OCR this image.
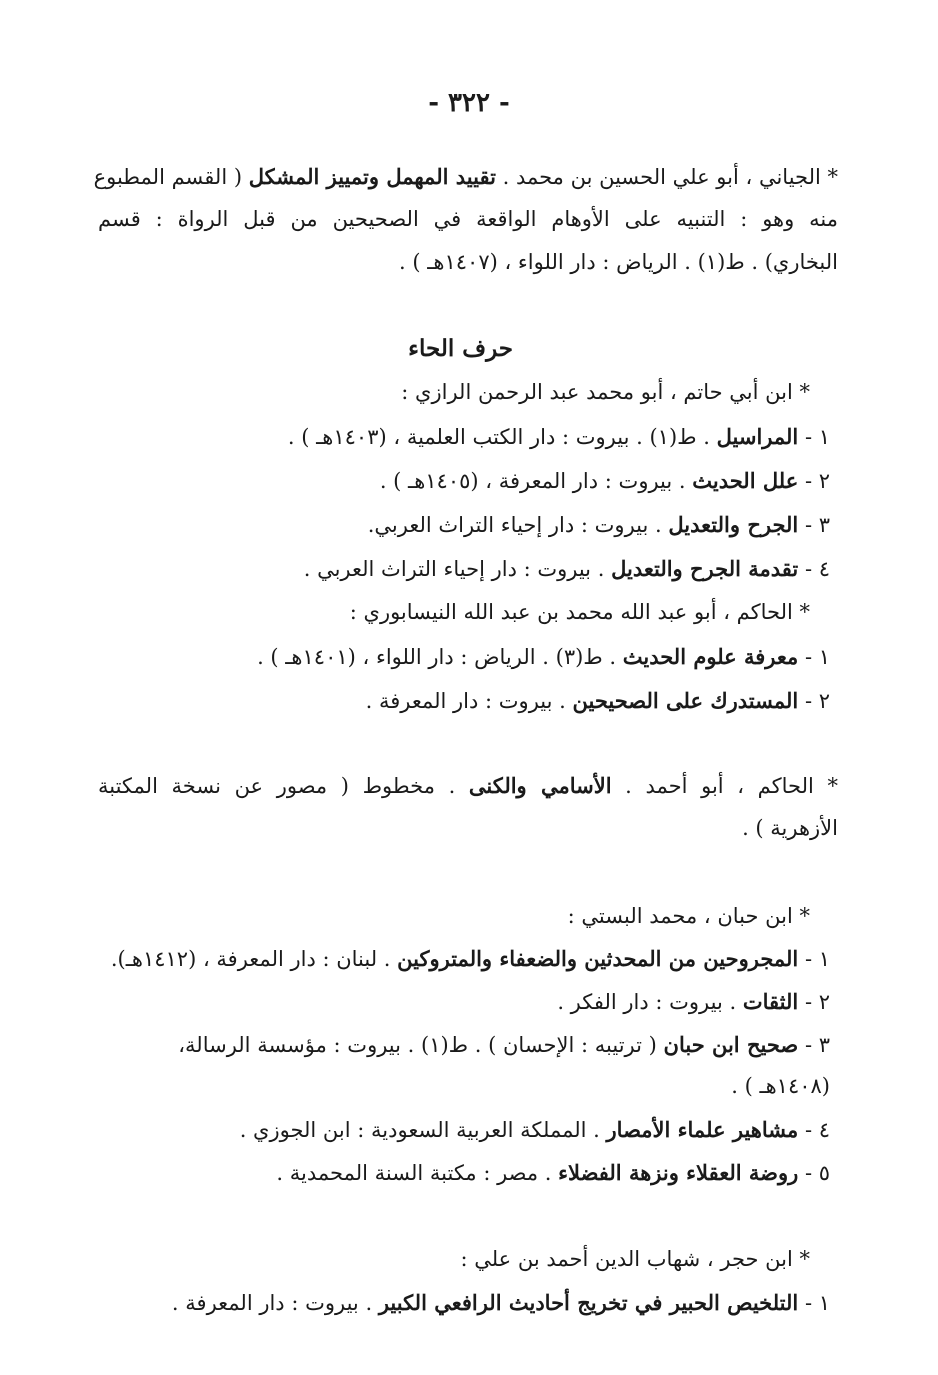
- ٣٢٢ -
* الجياني ، أبو علي الحسين بن محمد . تقييد المهمل وتمييز المشكل ( القسم المطبوع
منه وهو : التنبيه على الأوهام الواقعة في الصحيحين من قبل الرواة : قسم
البخاري) . ط(١) . الرياض : دار اللواء ، (١٤٠٧هـ ) .
حرف الحاء
* ابن أبي حاتم ، أبو محمد عبد الرحمن الرازي :
١ - المراسيل . ط(١) . بيروت : دار الكتب العلمية ، (١٤٠٣هـ ) .
٢ - علل الحديث . بيروت : دار المعرفة ، (١٤٠٥هـ ) .
٣ - الجرح والتعديل . بيروت : دار إحياء التراث العربي.
٤ - تقدمة الجرح والتعديل . بيروت : دار إحياء التراث العربي .
* الحاكم ، أبو عبد الله محمد بن عبد الله النيسابوري :
١ - معرفة علوم الحديث . ط(٣) . الرياض : دار اللواء ، (١٤٠١هـ ) .
٢ - المستدرك على الصحيحين . بيروت : دار المعرفة .
* الحاكم ، أبو أحمد . الأسامي والكنى . مخطوط ( مصور عن نسخة المكتبة
الأزهرية ) .
* ابن حبان ، محمد البستي :
١ - المجروحين من المحدثين والضعفاء والمتروكين . لبنان : دار المعرفة ، (١٤١٢هـ).
٢ - الثقات . بيروت : دار الفكر .
٣ - صحيح ابن حبان ( ترتيبه : الإحسان ) . ط(١) . بيروت : مؤسسة الرسالة،
(١٤٠٨هـ ) .
٤ - مشاهير علماء الأمصار . المملكة العربية السعودية : ابن الجوزي .
٥ - روضة العقلاء ونزهة الفضلاء . مصر : مكتبة السنة المحمدية .
* ابن حجر ، شهاب الدين أحمد بن علي :
١ - التلخيص الحبير في تخريج أحاديث الرافعي الكبير . بيروت : دار المعرفة .
